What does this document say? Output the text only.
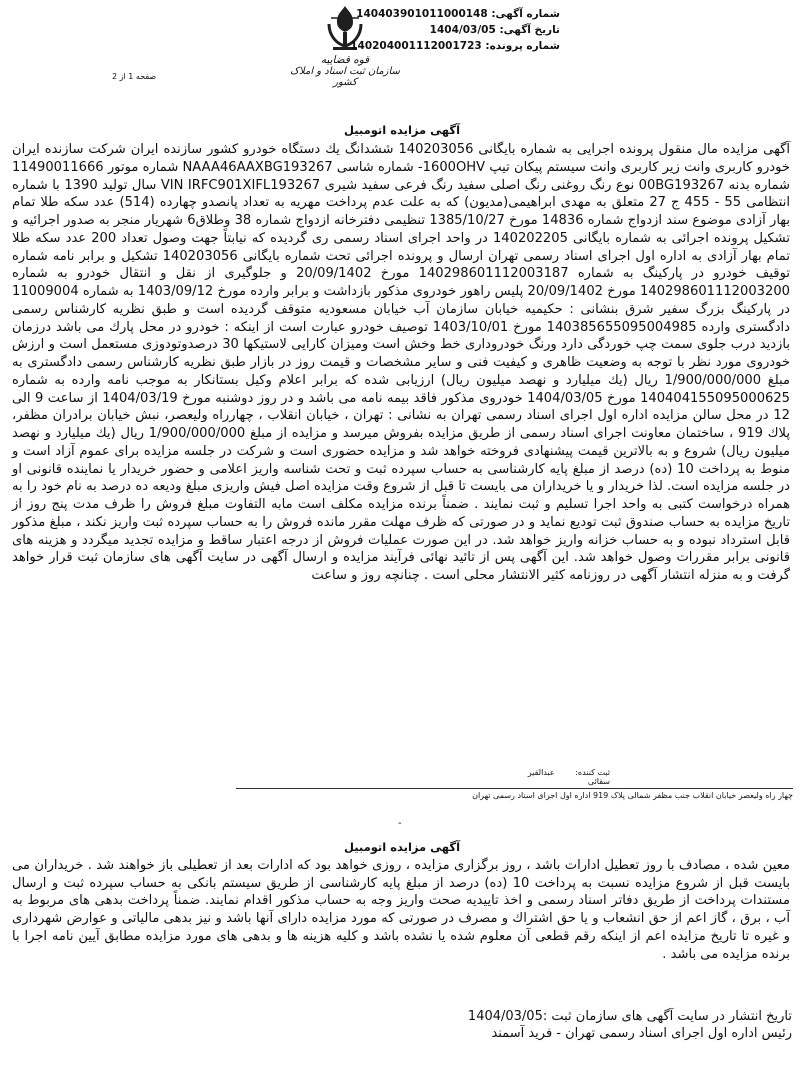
قوه قضاییه
سازمان ثبت اسناد و املاک کشور
شماره آگهی: 140403901011000148
تاریخ آگهی: 1404/03/05
شماره پرونده: 140204001112001723
صفحه 1 از 2
آگهی مزایده اتومبیل
آگهی مزایده مال منقول پرونده اجرایی به شماره بایگانی 140203056 ششدانگ یك دستگاه خودرو كشور سازنده ایران شركت سازنده ایران خودرو كاربری وانت زیر كاربری وانت سیستم پیكان تیپ 1600OHV- شماره شاسی NAAA46AAXBG193267 شماره موتور 11490011666 شماره بدنه 00BG193267 نوع رنگ روغنی رنگ اصلی سفید رنگ فرعی سفید شیری VIN IRFC901XIFL193267 سال تولید 1390 با شماره انتظامی 55 - 455 ج 27 متعلق به مهدی ابراهیمی(مدیون) كه به علت عدم پرداخت مهریه به تعداد پانصدو چهارده (514) عدد سكه طلا تمام بهار آزادی موضوع سند ازدواج شماره 14836 مورخ 1385/10/27 تنظیمی دفترخانه ازدواج شماره 38 وطلاق6 شهریار منجر به صدور اجرائیه و تشكیل پرونده اجرائی به شماره بایگانی 140202205 در واحد اجرای اسناد رسمی ری گردیده كه نیابتاً جهت وصول تعداد 200 عدد سكه طلا تمام بهار آزادی به اداره اول اجرای اسناد رسمی تهران ارسال و پرونده اجرائی تحت شماره بایگانی 140203056 تشكیل و برابر نامه شماره توقیف خودرو در پاركینگ به شماره 140298601112003187 مورخ 20/09/1402 و جلوگیری از نقل و انتقال خودرو به شماره 140298601112003200 مورخ 20/09/1402 پلیس راهور خودروی مذكور بازداشت و برابر وارده مورخ 1403/09/12 به شماره 11009004 در پاركینگ بزرگ سفیر شرق بنشانی : حكیمیه خیابان سازمان آب خیابان مسعودیه متوقف گردیده است و طبق نظریه كارشناس رسمی دادگستری وارده 140385655095004985 مورخ 1403/10/01 توصیف خودرو عبارت است از اینكه : خودرو در محل پارك می باشد درزمان بازدید درب جلوی سمت چپ خوردگی دارد ورنگ خودروداری خط وخش است ومیزان كارایی لاستیكها 30 درصدوتودوزی مستعمل است و ارزش خودروی مورد نظر با توجه به وضعیت ظاهری و كیفیت فنی و سایر مشخصات و قیمت روز در بازار طبق نظریه كارشناس رسمی دادگستری به مبلغ 1/900/000/000 ریال (یك میلیارد و نهصد میلیون ریال) ارزیابی شده كه برابر اعلام وكیل بستانكار به موجب نامه وارده به شماره 140404155095000625 مورخ 1404/03/05 خودروی مذكور فاقد بیمه نامه می باشد و در روز دوشنبه مورخ 1404/03/19 از ساعت 9 الی 12 در محل سالن مزایده اداره اول اجرای اسناد رسمی تهران به نشانی : تهران ، خیابان انقلاب ، چهارراه ولیعصر، نبش خیابان برادران مظفر، پلاك 919 ، ساختمان معاونت اجرای اسناد رسمی از طریق مزایده بفروش میرسد و مزایده از مبلغ 1/900/000/000 ریال (یك میلیارد و نهصد میلیون ریال) شروع و به بالاترین قیمت پیشنهادی فروخته خواهد شد و مزایده حضوری است و شركت در جلسه مزایده برای عموم آزاد است و منوط به پرداخت 10 (ده) درصد از مبلغ پایه كارشناسی به حساب سپرده ثبت و تحت شناسه واریز اعلامی و حضور خریدار یا نماینده قانونی او در جلسه مزایده است. لذا خریدار و یا خریداران می بایست تا قبل از شروع وقت مزایده اصل فیش واریزی مبلغ ودیعه ده درصد به نام خود را به همراه درخواست كتبی به واحد اجرا تسلیم و ثبت نمایند . ضمناً برنده مزایده مكلف است مابه التفاوت مبلغ فروش را ظرف مدت پنج روز از تاریخ مزایده به حساب صندوق ثبت تودیع نماید و در صورتی كه ظرف مهلت مقرر مانده فروش را به حساب سپرده ثبت واریز نكند ، مبلغ مذكور قابل استرداد نبوده و به حساب خزانه واریز خواهد شد. در این صورت عملیات فروش از درجه اعتبار ساقط و مزایده تجدید میگردد و هزینه های قانونی برابر مقررات وصول خواهد شد. این آگهی پس از تائید نهائی فرآیند مزایده و ارسال آگهی در سایت آگهی های سازمان ثبت قرار خواهد گرفت و به منزله انتشار آگهی در روزنامه كثیر الانتشار محلی است . چنانچه روز و ساعت
ثبت كننده: عبدالقیر سقائی
چهار راه ولیعصر خیابان انقلاب جنب مظفر شمالی پلاک 919 اداره اول اجرای اسناد رسمی تهران
-
آگهی مزایده اتومبیل
معین شده ، مصادف با روز تعطیل ادارات باشد ، روز برگزاری مزایده ، روزی خواهد بود كه ادارات بعد از تعطیلی باز خواهند شد . خریداران می بایست قبل از شروع مزایده نسبت به پرداخت 10 (ده) درصد از مبلغ پایه كارشناسی از طریق سیستم بانكی به حساب سپرده ثبت و ارسال مستندات پرداخت از طریق دفاتر اسناد رسمی و اخذ تاییدیه صحت واریز وجه به حساب مذكور اقدام نمایند. ضمناً پرداخت بدهی های مربوط به آب ، برق ، گاز اعم از حق انشعاب و یا حق اشتراك و مصرف در صورتی كه مورد مزایده دارای آنها باشد و نیز بدهی مالیاتی و عوارض شهرداری و غیره تا تاریخ مزایده اعم از اینكه رقم قطعی آن معلوم شده یا نشده باشد و كلیه هزینه ها و بدهی های مورد مزایده مطابق آیین نامه اجرا با برنده مزایده می باشد .
تاریخ انتشار در سایت آگهی های سازمان ثبت :1404/03/05
رئیس اداره اول اجرای اسناد رسمی تهران - فرید آسمند
